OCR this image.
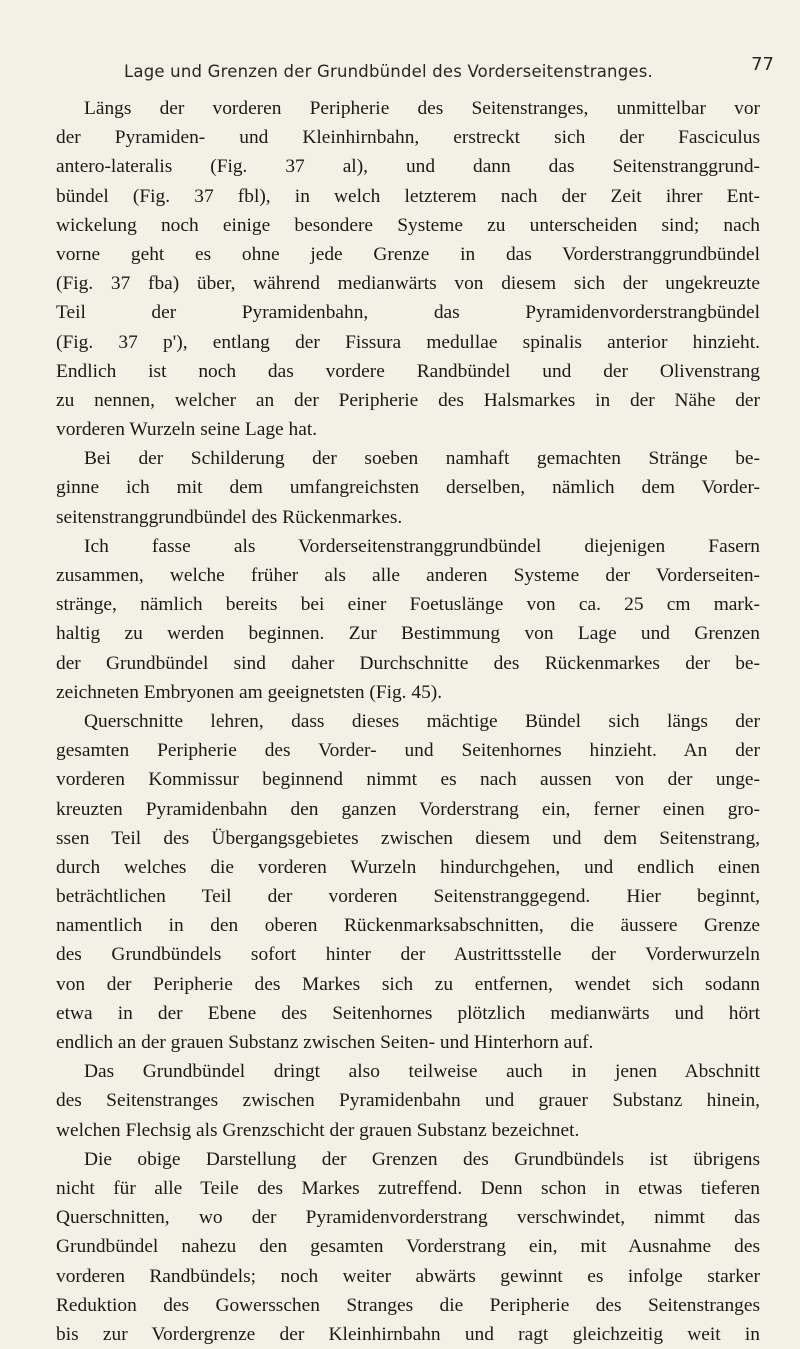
Lage und Grenzen der Grundbündel des Vorderseitenstranges.	77
Längs der vorderen Peripherie des Seitenstranges, unmittelbar vor
der Pyramiden- und Kleinhirnbahn, erstreckt sich der Fasciculus
antero-lateralis (Fig. 37 al), und dann das Seitenstranggrund-
bündel (Fig. 37 fbl), in welch letzterem nach der Zeit ihrer Ent-
wickelung noch einige besondere Systeme zu unterscheiden sind; nach
vorne geht es ohne jede Grenze in das Vorderstranggrundbündel
(Fig. 37 fba) über, während medianwärts von diesem sich der ungekreuzte
Teil der Pyramidenbahn, das Pyramidenvorderstrangbündel
(Fig. 37 p'), entlang der Fissura medullae spinalis anterior hinzieht.
Endlich ist noch das vordere Randbündel und der Olivenstrang
zu nennen, welcher an der Peripherie des Halsmarkes in der Nähe der
vorderen Wurzeln seine Lage hat.
Bei der Schilderung der soeben namhaft gemachten Stränge be-
ginne ich mit dem umfangreichsten derselben, nämlich dem Vorder-
seitenstranggrundbündel des Rückenmarkes.
Ich fasse als Vorderseitenstranggrundbündel diejenigen Fasern
zusammen, welche früher als alle anderen Systeme der Vorderseiten-
stränge, nämlich bereits bei einer Foetuslänge von ca. 25 cm mark-
haltig zu werden beginnen. Zur Bestimmung von Lage und Grenzen
der Grundbündel sind daher Durchschnitte des Rückenmarkes der be-
zeichneten Embryonen am geeignetsten (Fig. 45).
Querschnitte lehren, dass dieses mächtige Bündel sich längs der
gesamten Peripherie des Vorder- und Seitenhornes hinzieht. An der
vorderen Kommissur beginnend nimmt es nach aussen von der unge-
kreuzten Pyramidenbahn den ganzen Vorderstrang ein, ferner einen gro-
ssen Teil des Übergangsgebietes zwischen diesem und dem Seitenstrang,
durch welches die vorderen Wurzeln hindurchgehen, und endlich einen
beträchtlichen Teil der vorderen Seitenstranggegend. Hier beginnt,
namentlich in den oberen Rückenmarksabschnitten, die äussere Grenze
des Grundbündels sofort hinter der Austrittsstelle der Vorderwurzeln
von der Peripherie des Markes sich zu entfernen, wendet sich sodann
etwa in der Ebene des Seitenhornes plötzlich medianwärts und hört
endlich an der grauen Substanz zwischen Seiten- und Hinterhorn auf.
Das Grundbündel dringt also teilweise auch in jenen Abschnitt
des Seitenstranges zwischen Pyramidenbahn und grauer Substanz hinein,
welchen Flechsig als Grenzschicht der grauen Substanz bezeichnet.
Die obige Darstellung der Grenzen des Grundbündels ist übrigens
nicht für alle Teile des Markes zutreffend. Denn schon in etwas tieferen
Querschnitten, wo der Pyramidenvorderstrang verschwindet, nimmt das
Grundbündel nahezu den gesamten Vorderstrang ein, mit Ausnahme des
vorderen Randbündels; noch weiter abwärts gewinnt es infolge starker
Reduktion des Gowersschen Stranges die Peripherie des Seitenstranges
bis zur Vordergrenze der Kleinhirnbahn und ragt gleichzeitig weit in
